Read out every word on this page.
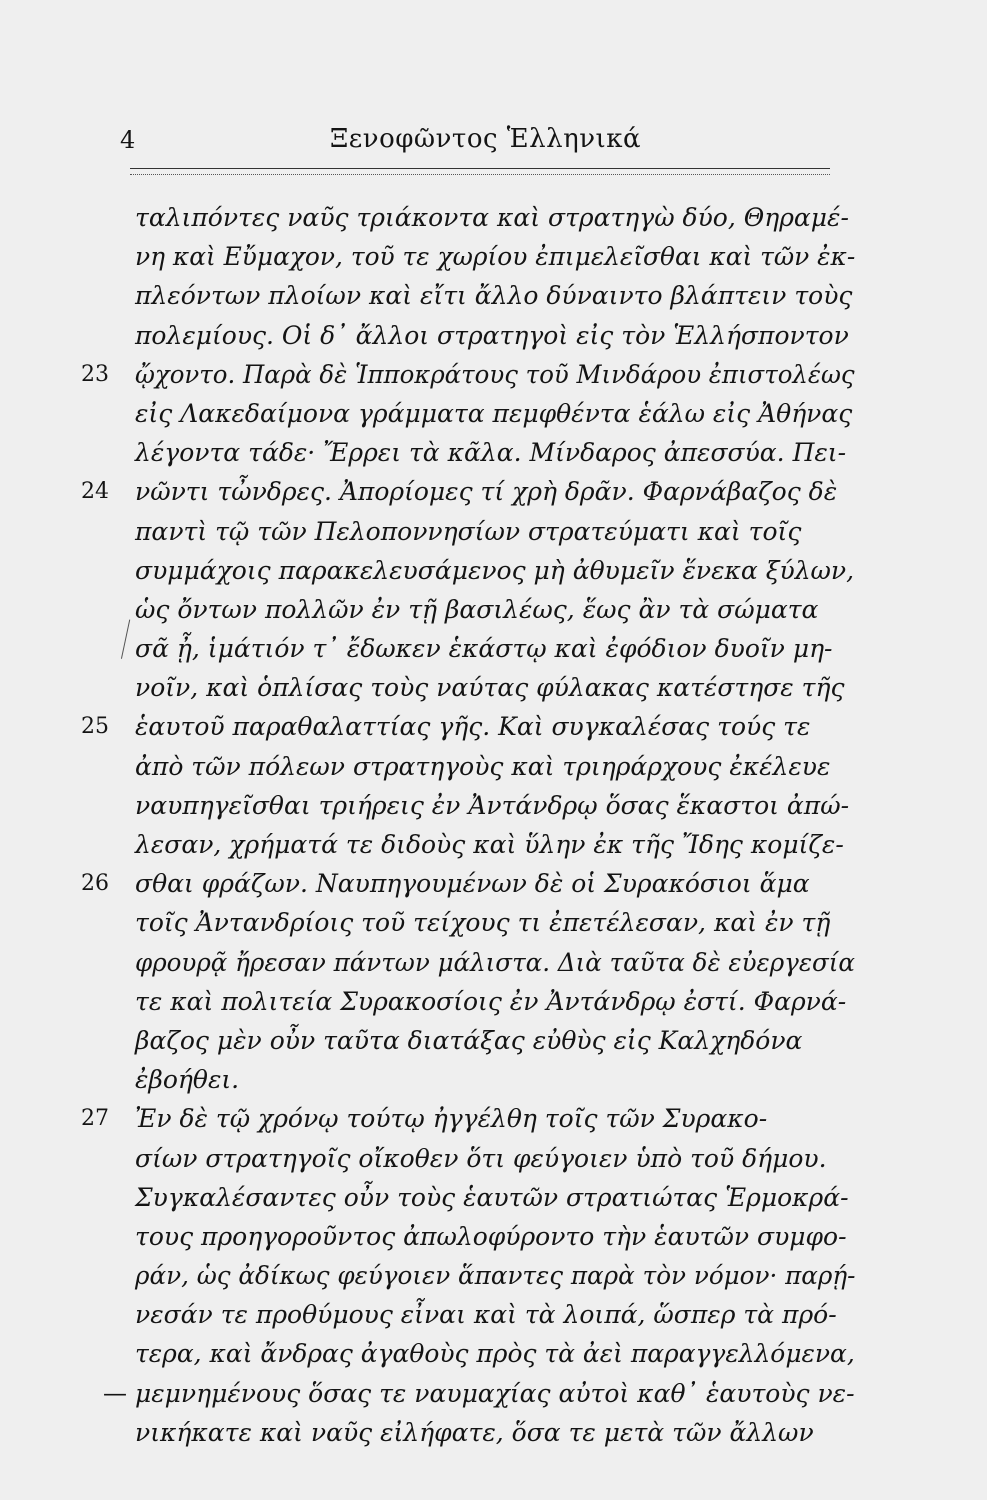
4	Ξενοφῶντος Ἑλληνικά
ταλιπόντες ναῦς τριάκοντα καὶ στρατηγὼ δύο, Θηραμέ-
νη καὶ Εὔμαχον, τοῦ τε χωρίου ἐπιμελεῖσθαι καὶ τῶν ἐκ-
πλεόντων πλοίων καὶ εἴτι ἄλλο δύναιντο βλάπτειν τοὺς
πολεμίους. Οἱ δ᾽ ἄλλοι στρατηγοὶ εἰς τὸν Ἑλλήσποντον
23	ᾤχοντο. Παρὰ δὲ Ἱπποκράτους τοῦ Μινδάρου ἐπιστολέως
εἰς Λακεδαίμονα γράμματα πεμφθέντα ἑάλω εἰς Ἀθήνας
λέγοντα τάδε· Ἔρρει τὰ κᾶλα. Μίνδαρος ἀπεσσύα. Πει-
24	νῶντι τὦνδρες. Ἀπορίομες τί χρὴ δρᾶν. Φαρνάβαζος δὲ
παντὶ τῷ τῶν Πελοποννησίων στρατεύματι καὶ τοῖς
συμμάχοις παρακελευσάμενος μὴ ἀθυμεῖν ἕνεκα ξύλων,
ὡς ὄντων πολλῶν ἐν τῇ βασιλέως, ἕως ἂν τὰ σώματα
σᾶ ᾖ, ἱμάτιόν τ᾽ ἔδωκεν ἑκάστῳ καὶ ἐφόδιον δυοῖν μη-
νοῖν, καὶ ὁπλίσας τοὺς ναύτας φύλακας κατέστησε τῆς
25	ἑαυτοῦ παραθαλαττίας γῆς. Καὶ συγκαλέσας τούς τε
ἀπὸ τῶν πόλεων στρατηγοὺς καὶ τριηράρχους ἐκέλευε
ναυπηγεῖσθαι τριήρεις ἐν Ἀντάνδρῳ ὅσας ἕκαστοι ἀπώ-
λεσαν, χρήματά τε διδοὺς καὶ ὕλην ἐκ τῆς Ἴδης κομίζε-
26	σθαι φράζων. Ναυπηγουμένων δὲ οἱ Συρακόσιοι ἅμα
τοῖς Ἀντανδρίοις τοῦ τείχους τι ἐπετέλεσαν, καὶ ἐν τῇ
φρουρᾷ ἤρεσαν πάντων μάλιστα. Διὰ ταῦτα δὲ εὐεργεσία
τε καὶ πολιτεία Συρακοσίοις ἐν Ἀντάνδρῳ ἐστί. Φαρνά-
βαζος μὲν οὖν ταῦτα διατάξας εὐθὺς εἰς Καλχηδόνα
ἐβοήθει.
27	Ἐν δὲ τῷ χρόνῳ τούτῳ ἠγγέλθη τοῖς τῶν Συρακο-
σίων στρατηγοῖς οἴκοθεν ὅτι φεύγοιεν ὑπὸ τοῦ δήμου.
Συγκαλέσαντες οὖν τοὺς ἑαυτῶν στρατιώτας Ἑρμοκρά-
τους προηγοροῦντος ἀπωλοφύροντο τὴν ἑαυτῶν συμφο-
ράν, ὡς ἀδίκως φεύγοιεν ἅπαντες παρὰ τὸν νόμον· παρῄ-
νεσάν τε προθύμους εἶναι καὶ τὰ λοιπά, ὥσπερ τὰ πρό-
τερα, καὶ ἄνδρας ἀγαθοὺς πρὸς τὰ ἀεὶ παραγγελλόμενα,
— μεμνημένους ὅσας τε ναυμαχίας αὐτοὶ καθ᾽ ἑαυτοὺς νε-
νικήκατε καὶ ναῦς εἰλήφατε, ὅσα τε μετὰ τῶν ἄλλων
